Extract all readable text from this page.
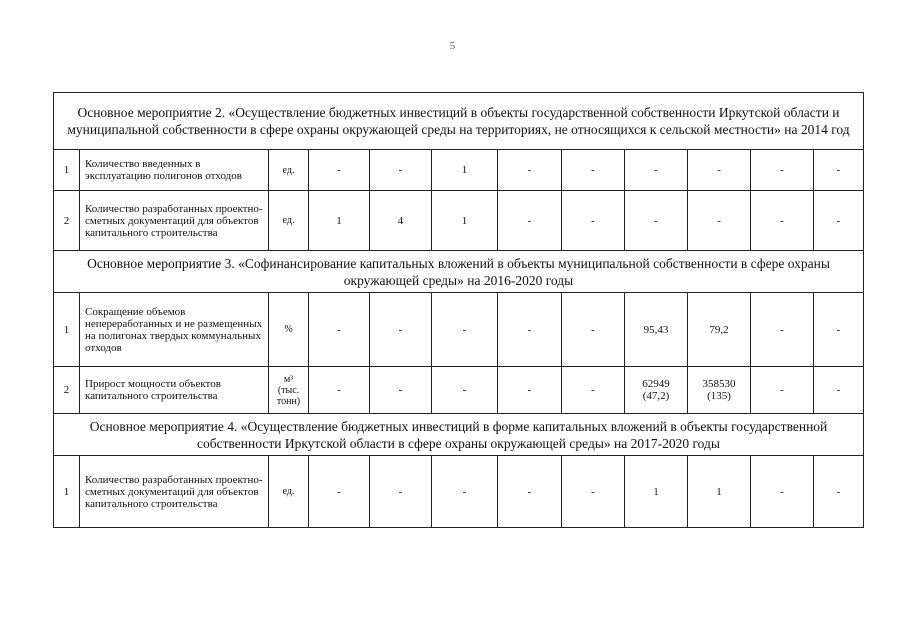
5
Основное мероприятие 2. «Осуществление бюджетных инвестиций в объекты государственной собственности Иркутской области и муниципальной собственности в сфере охраны окружающей среды на территориях, не относящихся к сельской местности» на 2014 год											
1	Количество введенных в эксплуатацию полигонов отходов	ед.	-	-	1	-	-	-	-	-	-
2	Количество разработанных проектно-сметных документаций для объектов капитального строительства	ед.	1	4	1	-	-	-	-	-	-
Основное мероприятие 3. «Софинансирование капитальных вложений в объекты муниципальной собственности в сфере охраны окружающей среды» на 2016-2020 годы											
1	Сокращение объемов непереработанных и не размещенных на полигонах твердых коммунальных отходов	%	-	-	-	-	-	95,43	79,2	-	-
2	Прирост мощности объектов капитального строительства	м³ (тыс. тонн)	-	-	-	-	-	62949 (47,2)	358530 (135)	-	-
Основное мероприятие 4. «Осуществление бюджетных инвестиций в форме капитальных вложений в объекты государственной собственности Иркутской области в сфере охраны окружающей среды» на 2017-2020 годы											
1	Количество разработанных проектно-сметных документаций для объектов капитального строительства	ед.	-	-	-	-	-	1	1	-	-
